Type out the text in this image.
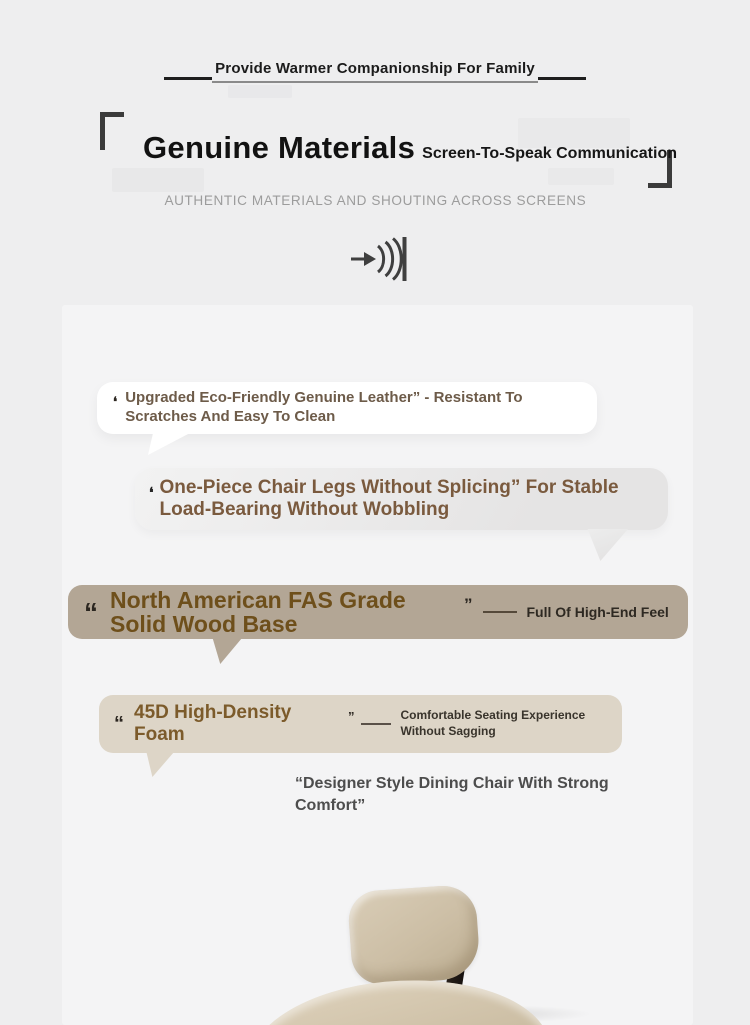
Provide Warmer Companionship For Family
Genuine Materials Screen-To-Speak Communication
AUTHENTIC MATERIALS AND SHOUTING ACROSS SCREENS
❛ Upgraded Eco-Friendly Genuine Leather” - Resistant To Scratches And Easy To Clean
❛ One-Piece Chair Legs Without Splicing” For Stable Load-Bearing Without Wobbling
“ North American FAS Grade Solid Wood Base
”	Full Of High-End Feel
“
45D High-Density Foam
”	Comfortable Seating Experience Without Sagging
“Designer Style Dining Chair With Strong Comfort”
